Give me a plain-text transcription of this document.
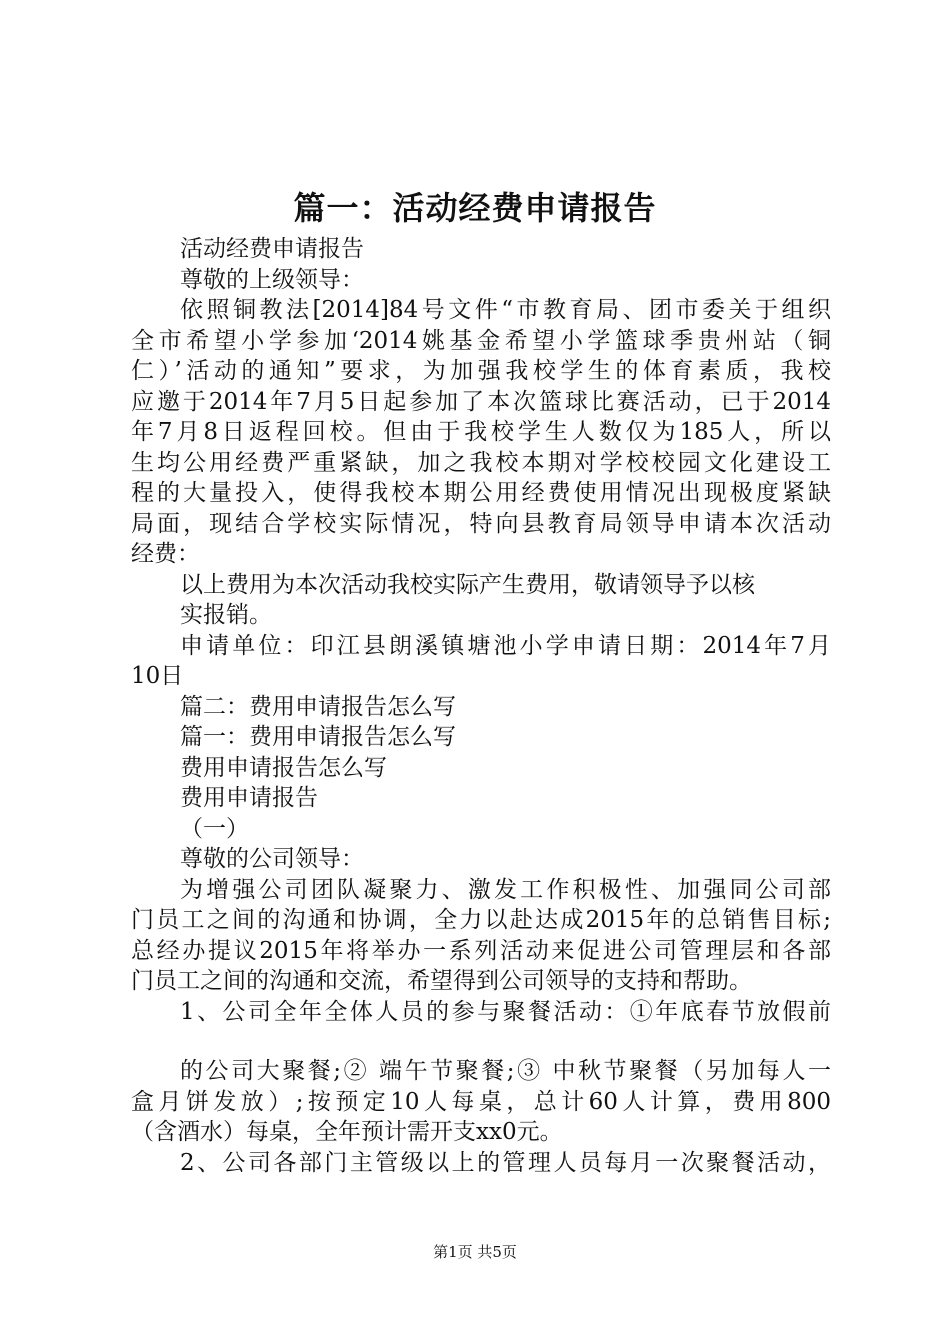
篇一：活动经费申请报告

活动经费申请报告

尊敬的上级领导：

依照铜教法[2014]84号文件“市教育局、团市委关于组织

全市希望小学参加‘2014姚基金希望小学篮球季贵州站（铜

仁）’活动的通知”要求，为加强我校学生的体育素质，我校

应邀于2014年7月5日起参加了本次篮球比赛活动，已于2014

年7月8日返程回校。但由于我校学生人数仅为185人，所以

生均公用经费严重紧缺，加之我校本期对学校校园文化建设工

程的大量投入，使得我校本期公用经费使用情况出现极度紧缺

局面，现结合学校实际情况，特向县教育局领导申请本次活动

经费：

以上费用为本次活动我校实际产生费用，敬请领导予以核

实报销。

申请单位：印江县朗溪镇塘池小学申请日期：2014年7月

10日

篇二：费用申请报告怎么写

篇一：费用申请报告怎么写

费用申请报告怎么写

费用申请报告

（一）

尊敬的公司领导：

为增强公司团队凝聚力、激发工作积极性、加强同公司部

门员工之间的沟通和协调，全力以赴达成2015年的总销售目标;

总经办提议2015年将举办一系列活动来促进公司管理层和各部

门员工之间的沟通和交流，希望得到公司领导的支持和帮助。

1、公司全年全体人员的参与聚餐活动：①年底春节放假前

的公司大聚餐;② 端午节聚餐;③ 中秋节聚餐（另加每人一

盒月饼发放）;按预定10人每桌，总计60人计算，费用800

（含酒水）每桌，全年预计需开支xx0元。

2、公司各部门主管级以上的管理人员每月一次聚餐活动，

第1页 共5页
